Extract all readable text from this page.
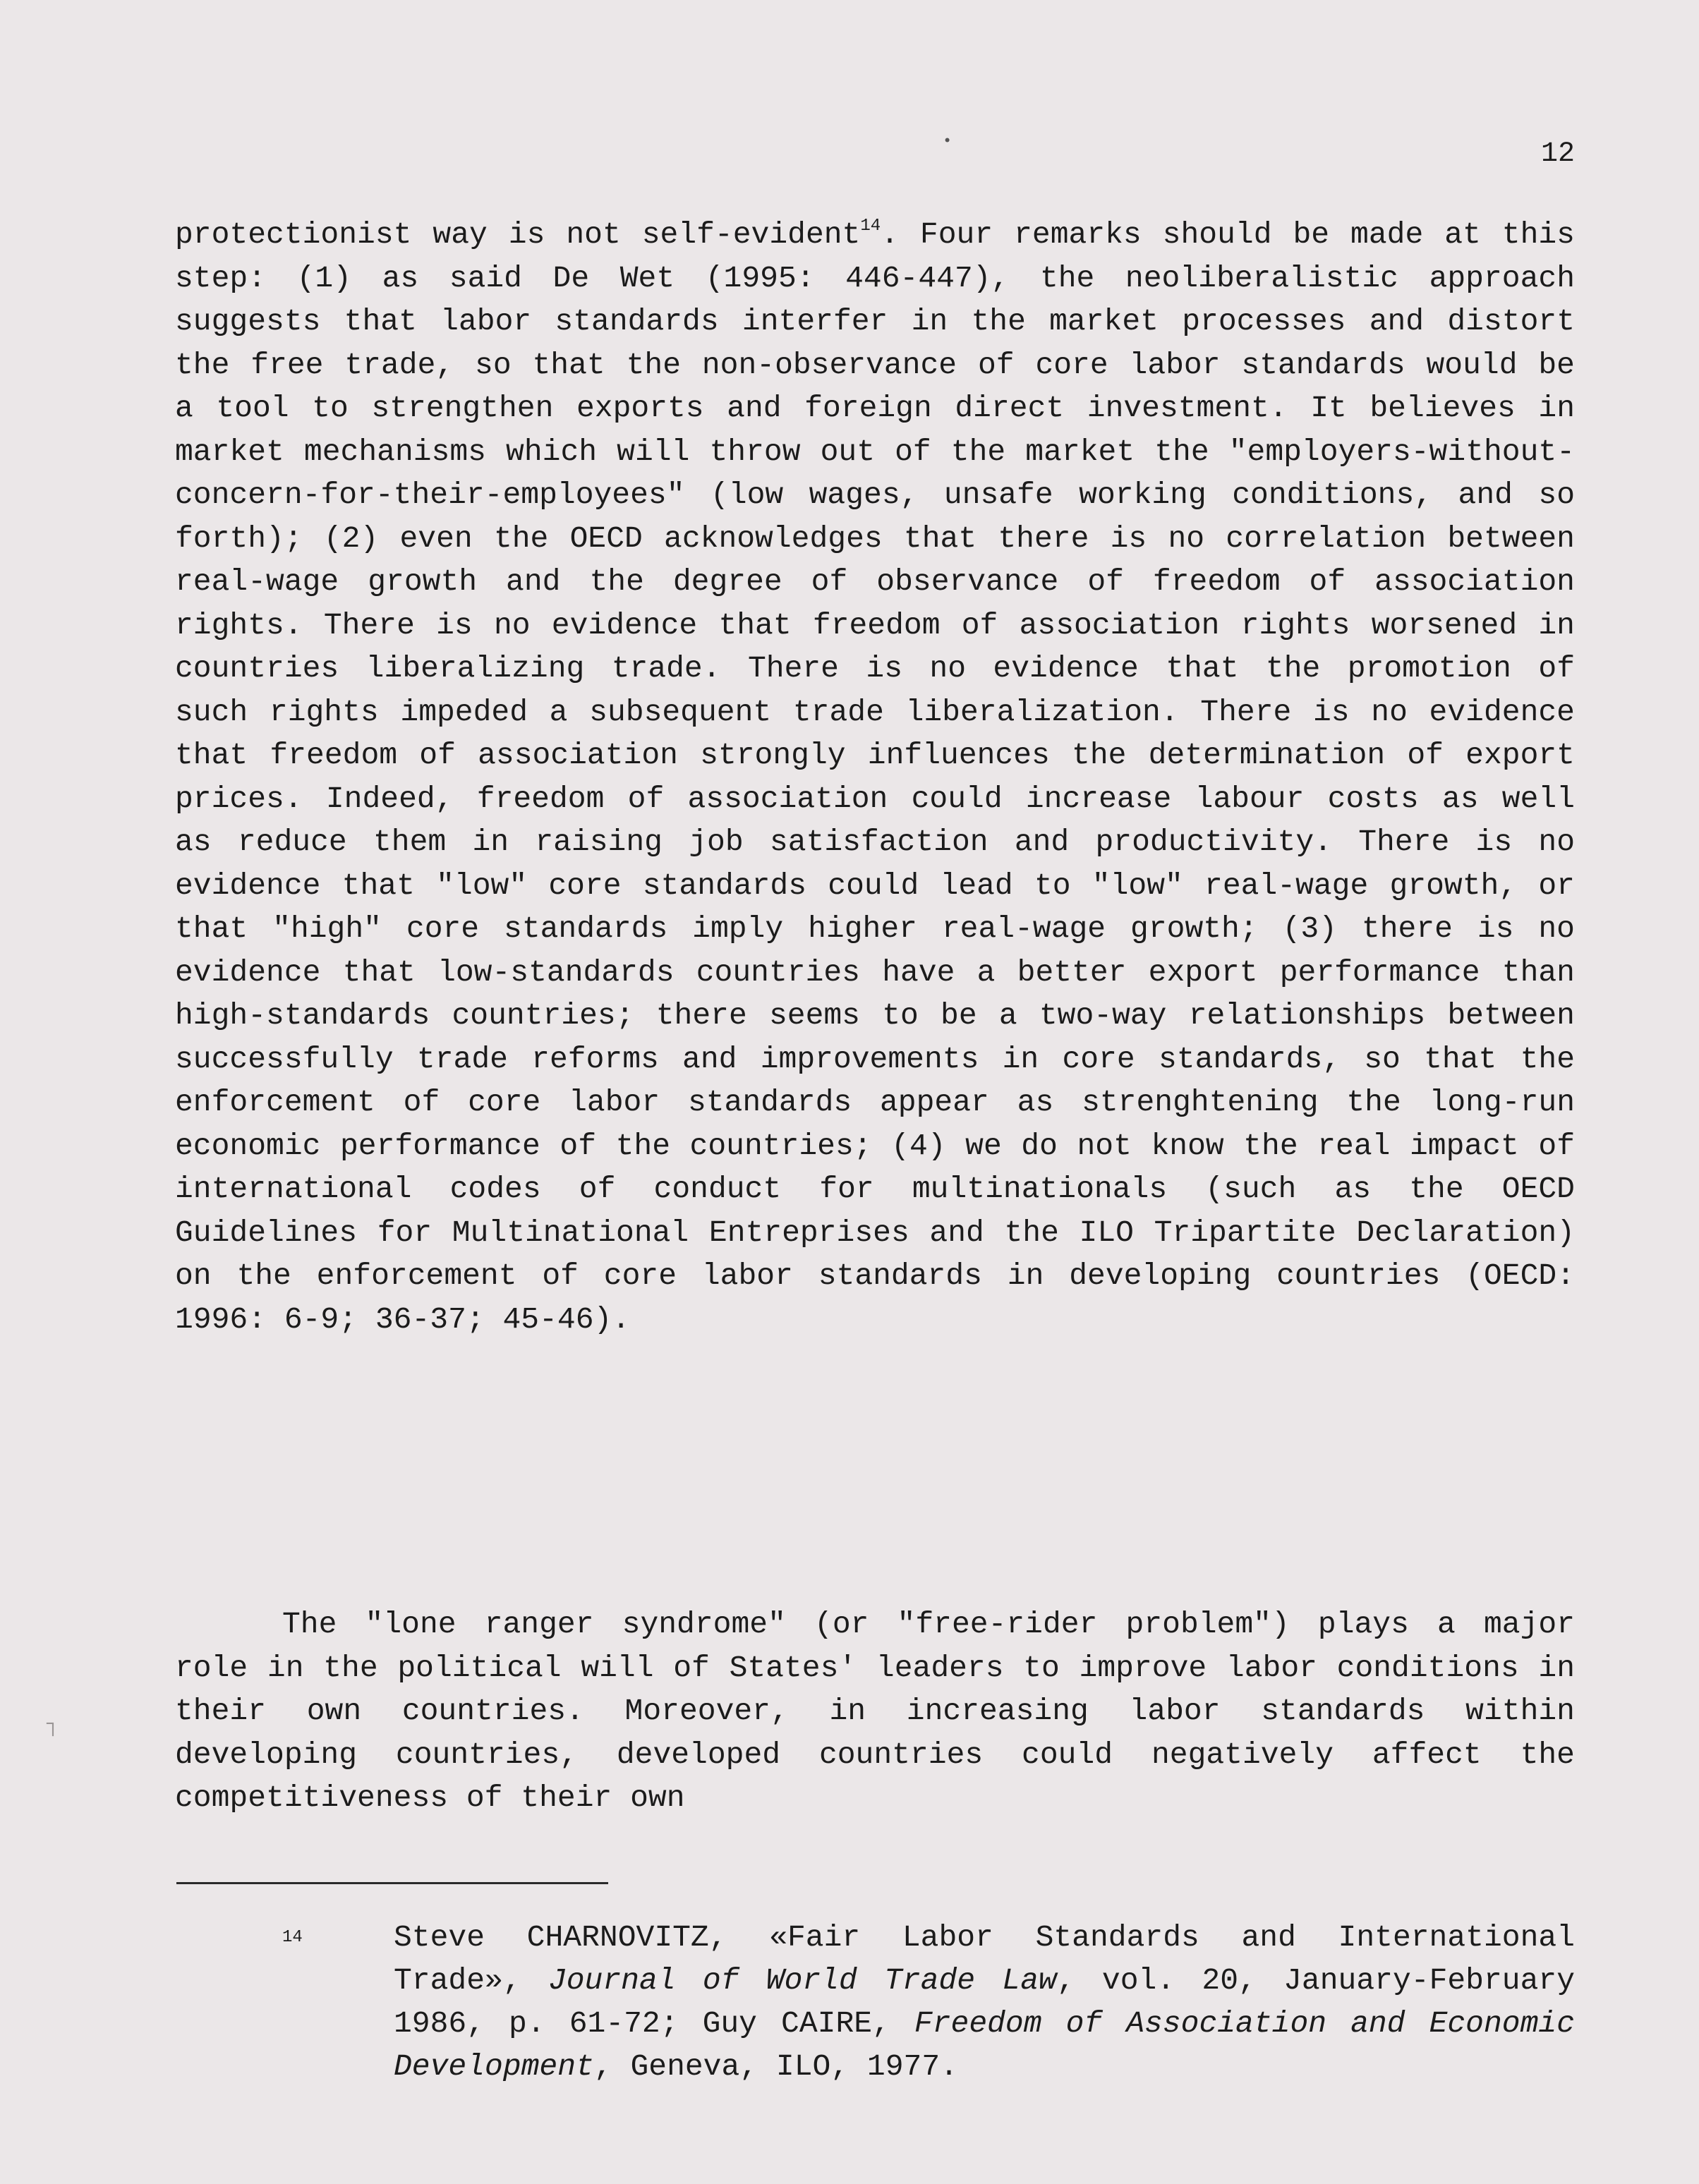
•	12

protectionist way is not self-evident$^{14}$. Four remarks should be made at this step: (1) as said De Wet (1995: 446-447), the neoliberalistic approach suggests that labor standards interfer in the market processes and distort the free trade, so that the non-observance of core labor standards would be a tool to strengthen exports and foreign direct investment. It believes in market mechanisms which will throw out of the market the "employers-without-concern-for-their-employees" (low wages, unsafe working conditions, and so forth); (2) even the OECD acknowledges that there is no correlation between real-wage growth and the degree of observance of freedom of association rights. There is no evidence that freedom of association rights worsened in countries liberalizing trade. There is no evidence that the promotion of such rights impeded a subsequent trade liberalization. There is no evidence that freedom of association strongly influences the determination of export prices. Indeed, freedom of association could increase labour costs as well as reduce them in raising job satisfaction and productivity. There is no evidence that "low" core standards could lead to "low" real-wage growth, or that "high" core standards imply higher real-wage growth; (3) there is no evidence that low-standards countries have a better export performance than high-standards countries; there seems to be a two-way relationships between successfully trade reforms and improvements in core standards, so that the enforcement of core labor standards appear as strenghtening the long-run economic performance of the countries; (4) we do not know the real impact of international codes of conduct for multinationals (such as the OECD Guidelines for Multinational Entreprises and the ILO Tripartite Declaration) on the enforcement of core labor standards in developing countries (OECD: 1996: 6-9; 36-37; 45-46).

The "lone ranger syndrome" (or "free-rider problem") plays a major role in the political will of States' leaders to improve labor conditions in their own countries. Moreover, in increasing labor standards within developing countries, developed countries could negatively affect the competitiveness of their own

┐
14	Steve CHARNOVITZ, «Fair Labor Standards and International Trade», Journal of World Trade Law, vol. 20, January-February 1986, p. 61-72; Guy CAIRE, Freedom of Association and Economic Development, Geneva, ILO, 1977.
